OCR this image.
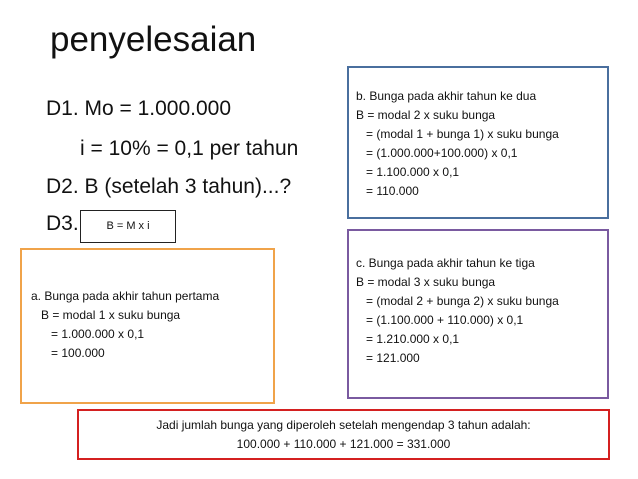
penyelesaian
D1. Mo = 1.000.000
i = 10% = 0,1 per tahun
D2. B (setelah 3 tahun)...?
D3.	B = M x i
a. Bunga pada akhir tahun pertama
B = modal 1 x suku bunga
= 1.000.000 x 0,1
= 100.000
b. Bunga pada akhir tahun ke dua
B = modal 2 x suku bunga
= (modal 1 + bunga 1) x suku bunga
= (1.000.000+100.000) x 0,1
= 1.100.000 x 0,1
= 110.000
c. Bunga pada akhir tahun ke tiga
B = modal 3 x suku bunga
= (modal 2 + bunga 2) x suku bunga
= (1.100.000 + 110.000) x 0,1
= 1.210.000 x 0,1
= 121.000
Jadi jumlah bunga yang diperoleh setelah mengendap 3 tahun adalah:
100.000 + 110.000 + 121.000 = 331.000
